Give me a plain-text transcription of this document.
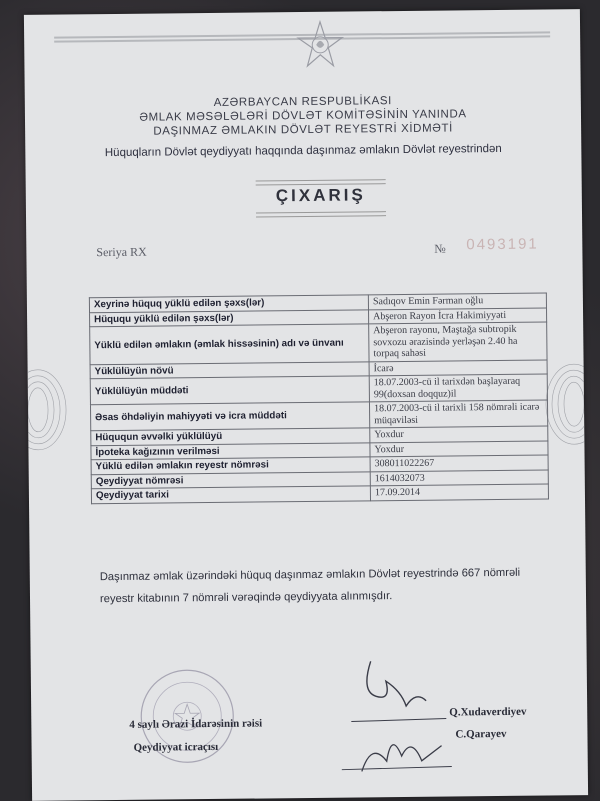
AZƏRBAYCAN RESPUBLİKASI
ƏMLAK MƏSƏLƏLƏRİ DÖVLƏT KOMİTƏSİNİN YANINDA
DAŞINMAZ ƏMLAKIN DÖVLƏT REYESTRİ XİDMƏTİ
Hüquqların Dövlət qeydiyyatı haqqında daşınmaz əmlakın Dövlət reyestrindən
ÇIXARIŞ
Seriya RX	№ 0493191
Xeyrinə hüquq yüklü edilən şəxs(lər)	Sadıqov Emin Fərman oğlu
Hüququ yüklü edilən şəxs(lər)	Abşeron Rayon İcra Hakimiyyəti
Yüklü edilən əmlakın (əmlak hissəsinin) adı və ünvanı	Abşeron rayonu, Maştağa subtropik sovxozu ərazisində yerləşən 2.40 ha torpaq sahəsi
Yüklülüyün növü	İcarə
Yüklülüyün müddəti	18.07.2003-cü il tarixdən başlayaraq 99(doxsan doqquz)il
Əsas öhdəliyin mahiyyəti və icra müddəti	18.07.2003-cü il tarixli 158 nömrəli icarə müqaviləsi
Hüququn əvvəlki yüklülüyü	Yoxdur
İpoteka kağızının verilməsi	Yoxdur
Yüklü edilən əmlakın reyestr nömrəsi	308011022267
Qeydiyyat nömrəsi	1614032073
Qeydiyyat tarixi	17.09.2014
Daşınmaz əmlak üzərindəki hüquq daşınmaz əmlakın Dövlət reyestrində 667 nömrəli reyestr kitabının 7 nömrəli vərəqində qeydiyyata alınmışdır.
4 saylı Ərazi İdarəsinin rəisi
Qeydiyyat icraçısı
Q.Xudaverdiyev
C.Qarayev
